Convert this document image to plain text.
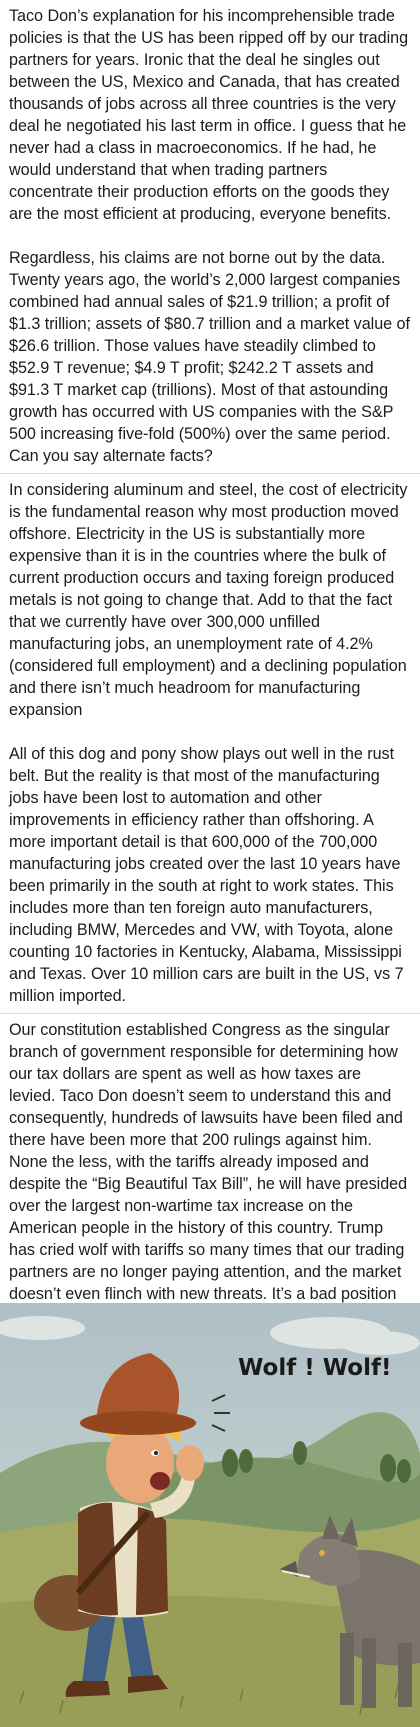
Taco Don’s explanation for his incomprehensible trade policies is that the US has been ripped off by our trading partners for years. Ironic that the deal he singles out between the US, Mexico and Canada, that has created thousands of jobs across all three countries is the very deal he negotiated his last term in office. I guess that he never had a class in macroeconomics. If he had, he would understand that when trading partners concentrate their production efforts on the goods they are the most efficient at producing, everyone benefits.

Regardless, his claims are not borne out by the data. Twenty years ago, the world’s 2,000 largest companies combined had annual sales of $21.9 trillion; a profit of $1.3 trillion; assets of $80.7 trillion and a market value of $26.6 trillion. Those values have steadily climbed to $52.9 T revenue; $4.9 T profit; $242.2 T assets and $91.3 T market cap (trillions). Most of that astounding growth has occurred with US companies with the S&P 500 increasing five-fold (500%) over the same period. Can you say alternate facts?

In considering aluminum and steel, the cost of electricity is the fundamental reason why most production moved offshore. Electricity in the US is substantially more expensive than it is in the countries where the bulk of current production occurs and taxing foreign produced metals is not going to change that. Add to that the fact that we currently have over 300,000 unfilled manufacturing jobs, an unemployment rate of 4.2% (considered full employment) and a declining population and there isn’t much headroom for manufacturing expansion

All of this dog and pony show plays out well in the rust belt. But the reality is that most of the manufacturing jobs have been lost to automation and other improvements in efficiency rather than offshoring. A more important detail is that 600,000 of the 700,000 manufacturing jobs created over the last 10 years have been primarily in the south at right to work states. This includes more than ten foreign auto manufacturers, including BMW, Mercedes and VW, with Toyota, alone counting 10 factories in Kentucky, Alabama, Mississippi and Texas. Over 10 million cars are built in the US, vs 7 million imported.

Our constitution established Congress as the singular branch of government responsible for determining how our tax dollars are spent as well as how taxes are levied. Taco Don doesn’t seem to understand this and consequently, hundreds of lawsuits have been filed and there have been more that 200 rulings against him. None the less, with the tariffs already imposed and despite the “Big Beautiful Tax Bill”, he will have presided over the largest non-wartime tax increase on the American people in the history of this country. Trump has cried wolf with tariffs so many times that our trading partners are no longer paying attention, and the market doesn’t even flinch with new threats. It’s a bad position

Wolf ! Wolf!
